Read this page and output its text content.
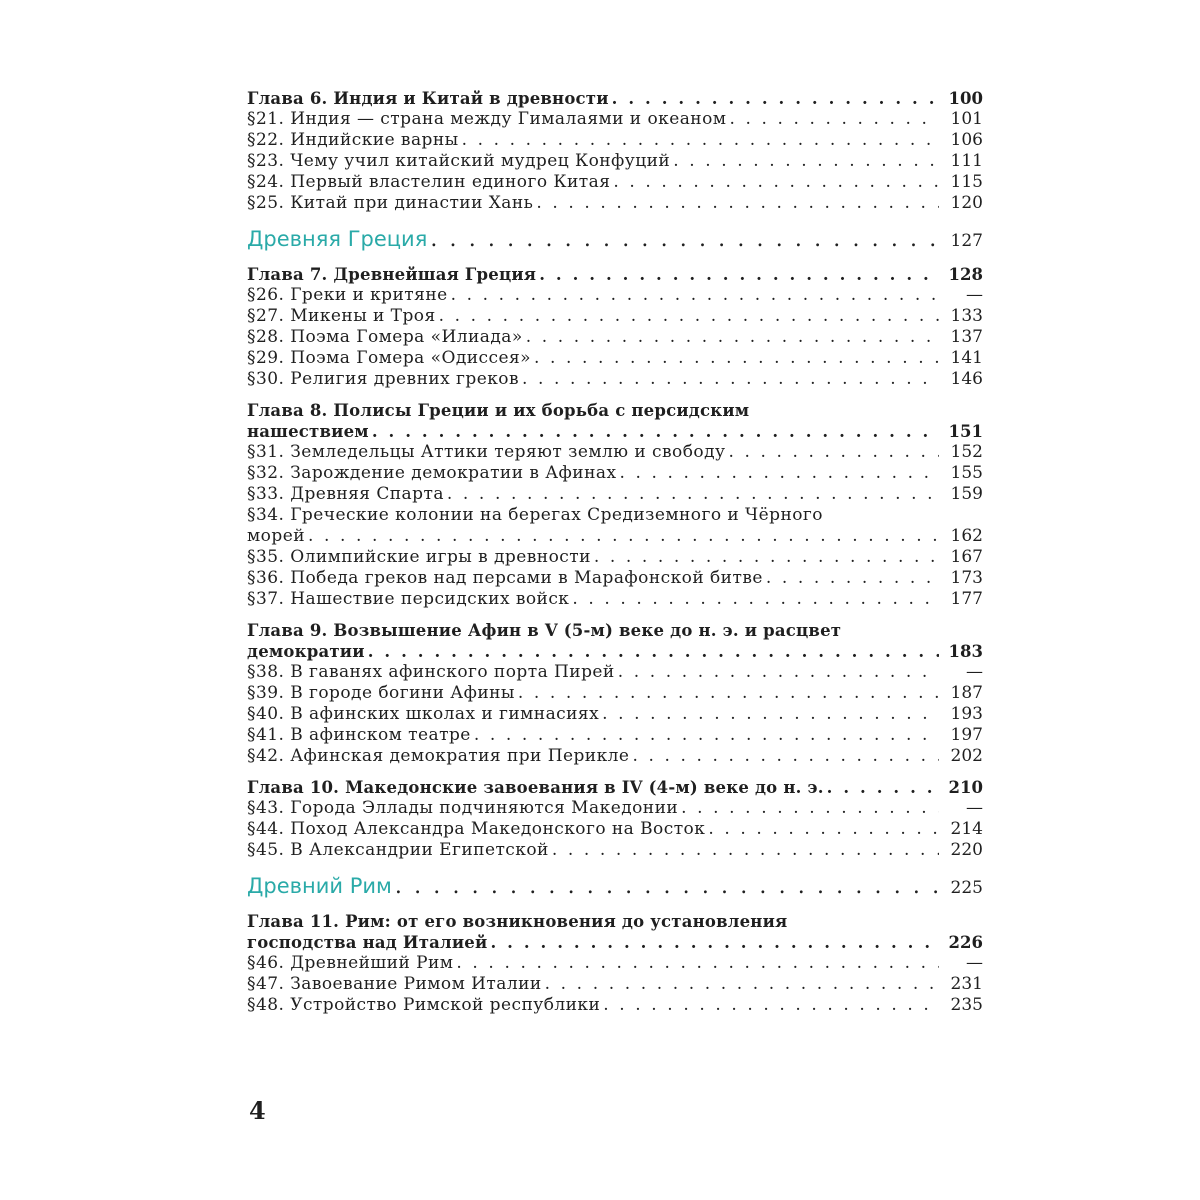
Глава 6. Индия и Китай в древности . . .	100
§21. Индия — страна между Гималаями и океаном . . .	101
§22. Индийские варны . . .	106
§23. Чему учил китайский мудрец Конфуций . . .	111
§24. Первый властелин единого Китая . . .	115
§25. Китай при династии Хань . . .	120
Древняя Греция . . .	127
Глава 7. Древнейшая Греция . . .	128
§26. Греки и критяне . . .	—
§27. Микены и Троя . . .	133
§28. Поэма Гомера «Илиада» . . .	137
§29. Поэма Гомера «Одиссея» . . .	141
§30. Религия древних греков . . .	146
Глава 8. Полисы Греции и их борьба с персидским
нашествием . . .	151
§31. Земледельцы Аттики теряют землю и свободу . . .	152
§32. Зарождение демократии в Афинах . . .	155
§33. Древняя Спарта . . .	159
§34. Греческие колонии на берегах Средиземного и Чёрного
морей . . .	162
§35. Олимпийские игры в древности . . .	167
§36. Победа греков над персами в Марафонской битве . . .	173
§37. Нашествие персидских войск . . .	177
Глава 9. Возвышение Афин в V (5-м) веке до н. э. и расцвет
демократии . . .	183
§38. В гаванях афинского порта Пирей . . .	—
§39. В городе богини Афины . . .	187
§40. В афинских школах и гимнасиях . . .	193
§41. В афинском театре . . .	197
§42. Афинская демократия при Перикле . . .	202
Глава 10. Македонские завоевания в IV (4-м) веке до н. э. . . .	210
§43. Города Эллады подчиняются Македонии . . .	—
§44. Поход Александра Македонского на Восток . . .	214
§45. В Александрии Египетской . . .	220
Древний Рим . . .	225
Глава 11. Рим: от его возникновения до установления
господства над Италией . . .	226
§46. Древнейший Рим . . .	—
§47. Завоевание Римом Италии . . .	231
§48. Устройство Римской республики . . .	235
4
